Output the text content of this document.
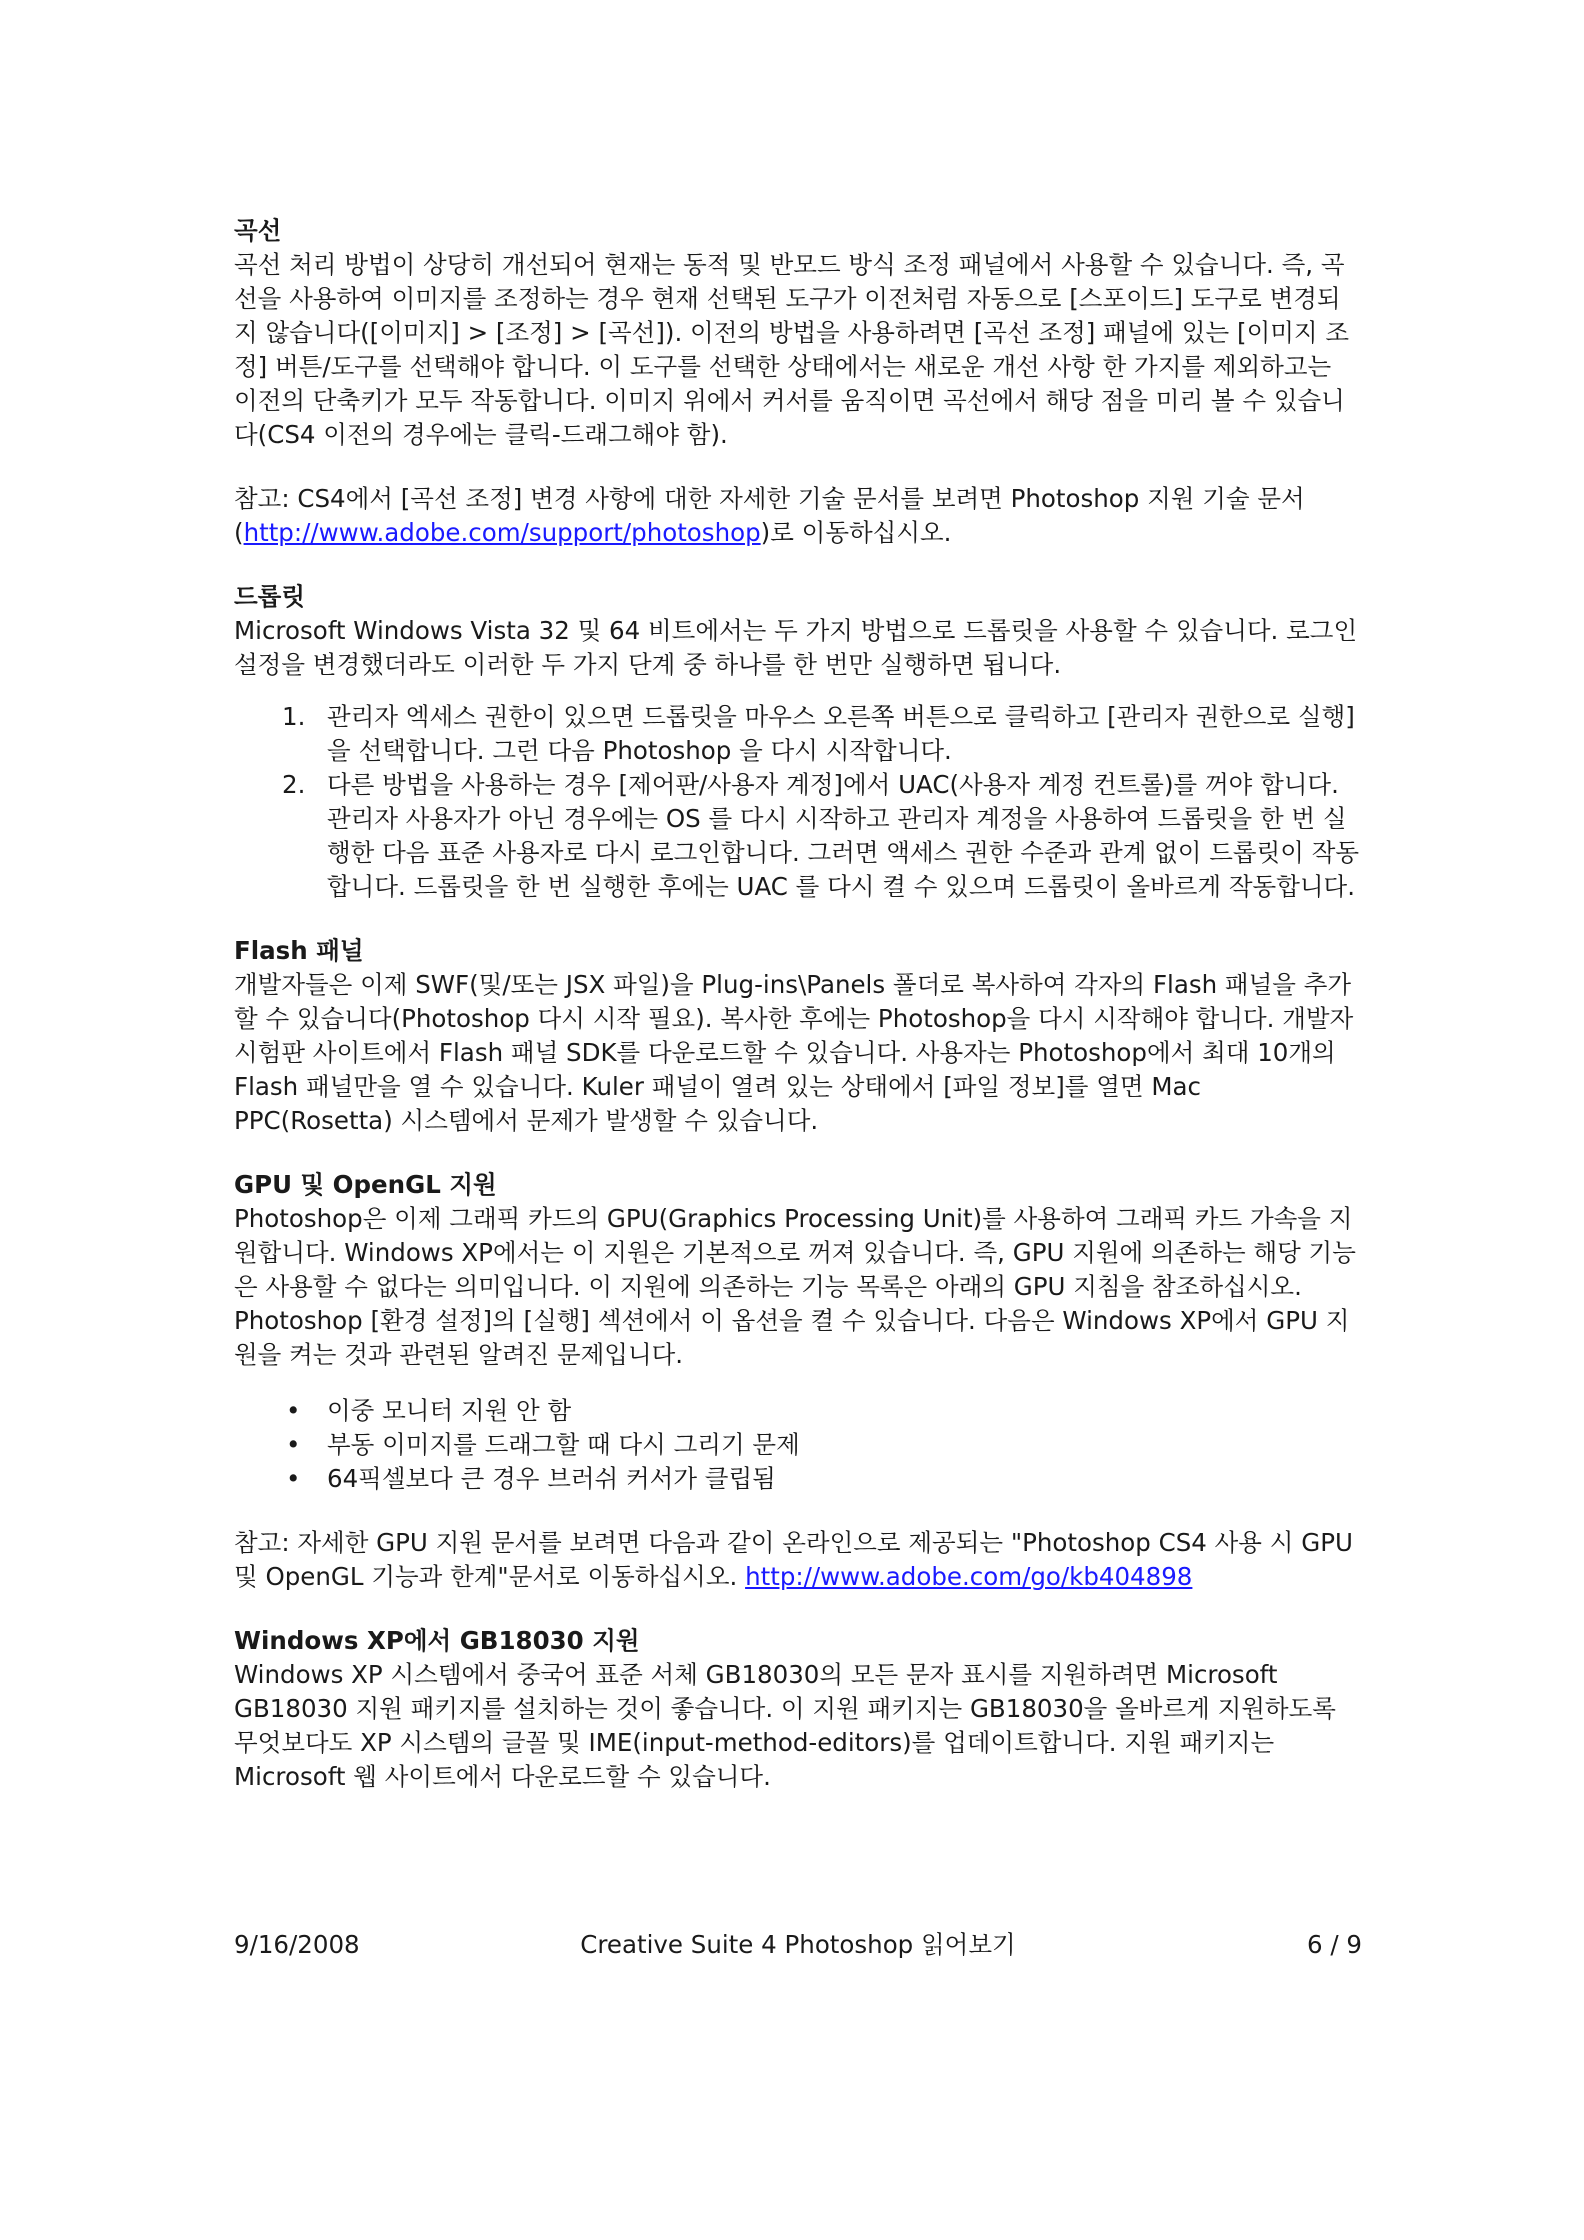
곡선

곡선 처리 방법이 상당히 개선되어 현재는 동적 및 반모드 방식 조정 패널에서 사용할 수 있습니다. 즉, 곡선을 사용하여 이미지를 조정하는 경우 현재 선택된 도구가 이전처럼 자동으로 [스포이드] 도구로 변경되지 않습니다([이미지] > [조정] > [곡선]). 이전의 방법을 사용하려면 [곡선 조정] 패널에 있는 [이미지 조정] 버튼/도구를 선택해야 합니다. 이 도구를 선택한 상태에서는 새로운 개선 사항 한 가지를 제외하고는 이전의 단축키가 모두 작동합니다. 이미지 위에서 커서를 움직이면 곡선에서 해당 점을 미리 볼 수 있습니다(CS4 이전의 경우에는 클릭-드래그해야 함).

참고: CS4에서 [곡선 조정] 변경 사항에 대한 자세한 기술 문서를 보려면 Photoshop 지원 기술 문서(http://www.adobe.com/support/photoshop)로 이동하십시오.

드롭릿

Microsoft Windows Vista 32 및 64 비트에서는 두 가지 방법으로 드롭릿을 사용할 수 있습니다. 로그인 설정을 변경했더라도 이러한 두 가지 단계 중 하나를 한 번만 실행하면 됩니다.

1. 관리자 엑세스 권한이 있으면 드롭릿을 마우스 오른쪽 버튼으로 클릭하고 [관리자 권한으로 실행]을 선택합니다. 그런 다음 Photoshop 을 다시 시작합니다.
2. 다른 방법을 사용하는 경우 [제어판/사용자 계정]에서 UAC(사용자 계정 컨트롤)를 꺼야 합니다. 관리자 사용자가 아닌 경우에는 OS 를 다시 시작하고 관리자 계정을 사용하여 드롭릿을 한 번 실행한 다음 표준 사용자로 다시 로그인합니다. 그러면 액세스 권한 수준과 관계 없이 드롭릿이 작동합니다. 드롭릿을 한 번 실행한 후에는 UAC 를 다시 켤 수 있으며 드롭릿이 올바르게 작동합니다.

Flash 패널

개발자들은 이제 SWF(및/또는 JSX 파일)을 Plug-ins\Panels 폴더로 복사하여 각자의 Flash 패널을 추가할 수 있습니다(Photoshop 다시 시작 필요). 복사한 후에는 Photoshop을 다시 시작해야 합니다. 개발자 시험판 사이트에서 Flash 패널 SDK를 다운로드할 수 있습니다. 사용자는 Photoshop에서 최대 10개의 Flash 패널만을 열 수 있습니다. Kuler 패널이 열려 있는 상태에서 [파일 정보]를 열면 Mac PPC(Rosetta) 시스템에서 문제가 발생할 수 있습니다.

GPU 및 OpenGL 지원

Photoshop은 이제 그래픽 카드의 GPU(Graphics Processing Unit)를 사용하여 그래픽 카드 가속을 지원합니다. Windows XP에서는 이 지원은 기본적으로 꺼져 있습니다. 즉, GPU 지원에 의존하는 해당 기능은 사용할 수 없다는 의미입니다. 이 지원에 의존하는 기능 목록은 아래의 GPU 지침을 참조하십시오. Photoshop [환경 설정]의 [실행] 섹션에서 이 옵션을 켤 수 있습니다. 다음은 Windows XP에서 GPU 지원을 켜는 것과 관련된 알려진 문제입니다.

• 이중 모니터 지원 안 함
• 부동 이미지를 드래그할 때 다시 그리기 문제
• 64픽셀보다 큰 경우 브러쉬 커서가 클립됨

참고: 자세한 GPU 지원 문서를 보려면 다음과 같이 온라인으로 제공되는 "Photoshop CS4 사용 시 GPU 및 OpenGL 기능과 한계"문서로 이동하십시오. http://www.adobe.com/go/kb404898

Windows XP에서 GB18030 지원

Windows XP 시스템에서 중국어 표준 서체 GB18030의 모든 문자 표시를 지원하려면 Microsoft GB18030 지원 패키지를 설치하는 것이 좋습니다. 이 지원 패키지는 GB18030을 올바르게 지원하도록 무엇보다도 XP 시스템의 글꼴 및 IME(input-method-editors)를 업데이트합니다. 지원 패키지는 Microsoft 웹 사이트에서 다운로드할 수 있습니다.

9/16/2008	Creative Suite 4 Photoshop 읽어보기	6 / 9
